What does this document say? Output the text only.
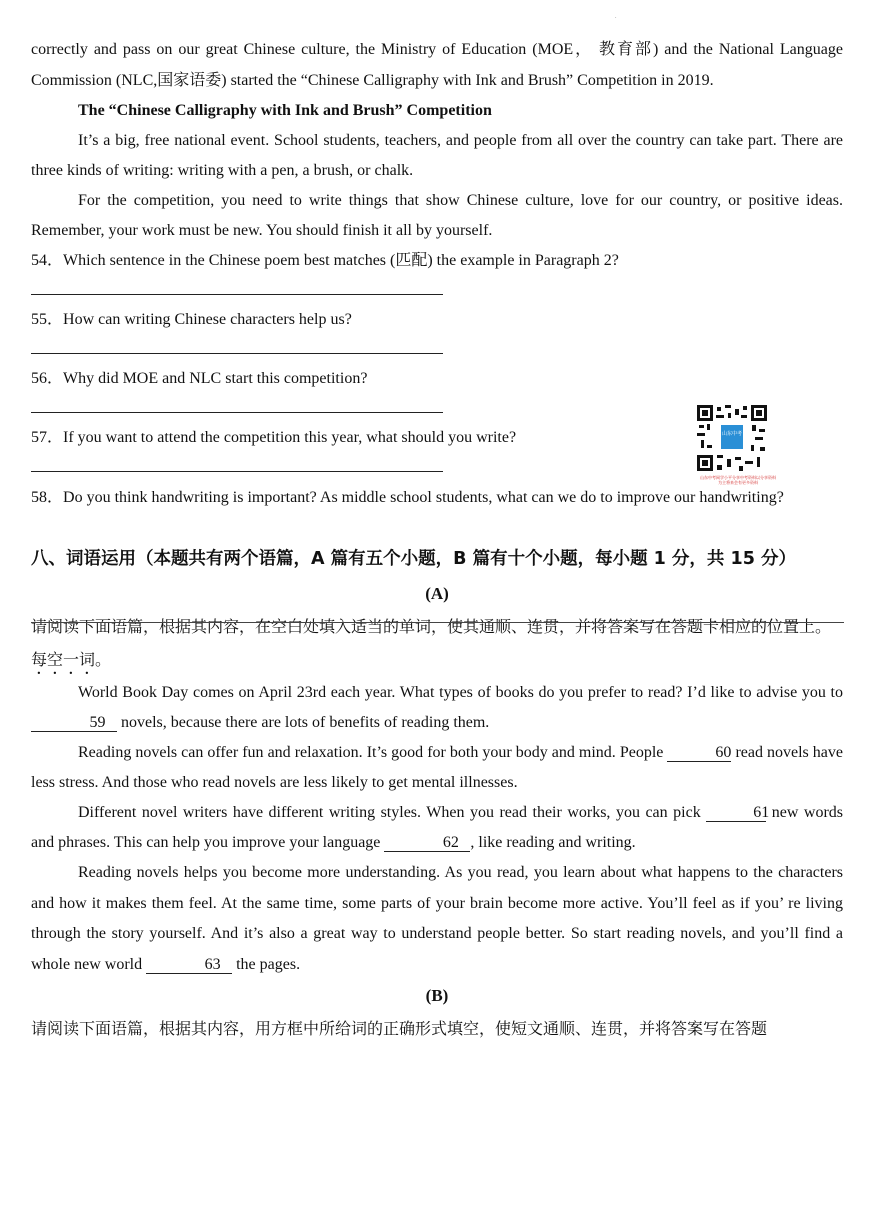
.

correctly and pass on our great Chinese culture, the Ministry of Education (MOE， 教育部) and the National Language Commission (NLC,国家语委) started the “Chinese Calligraphy with Ink and Brush” Competition in 2019.

The “Chinese Calligraphy with Ink and Brush” Competition

It’s a big, free national event. School students, teachers, and people from all over the country can take part. There are three kinds of writing: writing with a pen, a brush, or chalk.

For the competition, you need to write things that show Chinese culture, love for our country, or positive ideas. Remember, your work must be new. You should finish it all by yourself.

54．Which sentence in the Chinese poem best matches (匹配) the example in Paragraph 2?

55．How can writing Chinese characters help us?

56．Why did MOE and NLC start this competition?

57．If you want to attend the competition this year, what should you write?

58．Do you think handwriting is important? As middle school students, what can we do to improve our handwriting?

八、词语运用（本题共有两个语篇，A 篇有五个小题，B 篇有十个小题，每小题 1 分，共 15 分）

(A)

请阅读下面语篇，根据其内容，在空白处填入适当的单词，使其通顺、连贯，并将答案写在答题卡相应的位置上。每空一词。

World Book Day comes on April 23rd each year. What types of books do you prefer to read? I’d like to advise you to 59 novels, because there are lots of benefits of reading them.

Reading novels can offer fun and relaxation. It’s good for both your body and mind. People	60 read novels have less stress. And those who read novels are less likely to get mental illnesses.

Different novel writers have different writing styles. When you read their works, you can pick	61 new words and phrases. This can help you improve your language	62 , like reading and writing.

Reading novels helps you become more understanding. As you read, you learn about what happens to the characters and how it makes them feel. At the same time, some parts of your brain become more active. You’ll feel as if you’ re living through the story yourself. And it’s also a great way to understand people better. So start reading novels, and you’ll find a whole new world	63 the pages.

(B)

请阅读下面语篇，根据其内容，用方框中所给词的正确形式填空，使短文通顺、连贯，并将答案写在答题

山东中考
山东中考网学小平分享中考资料以分享资料为主将来会有更多资料
